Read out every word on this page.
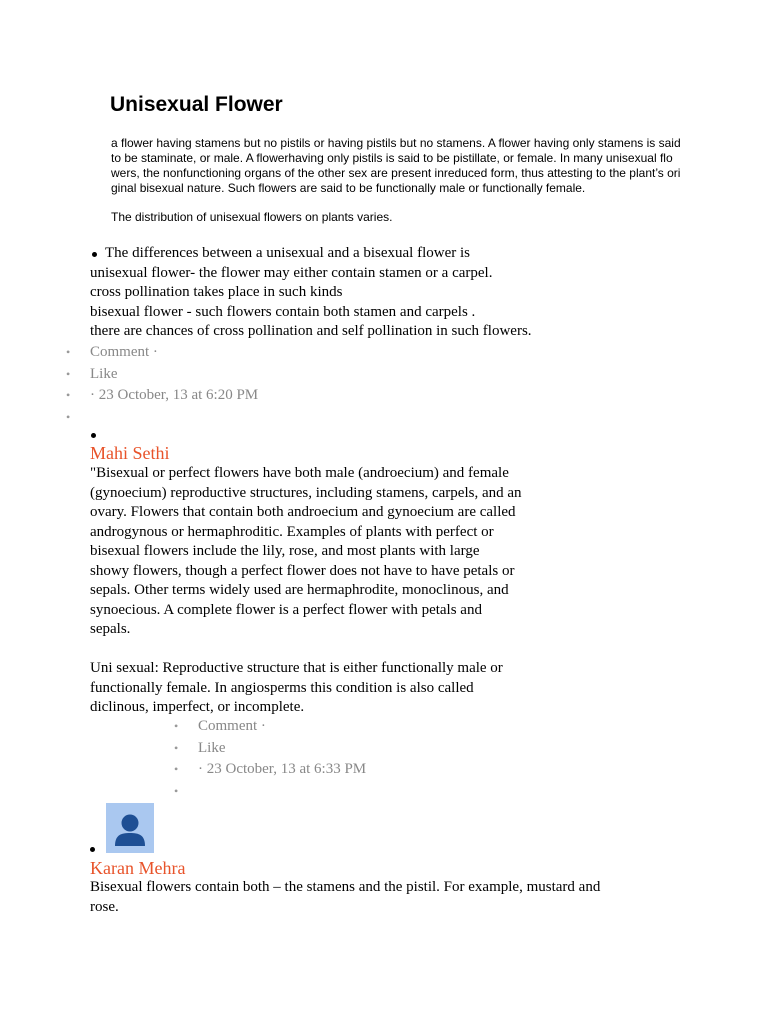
Unisexual Flower

a flower having stamens but no pistils or having pistils but no stamens. A flower having only stamens is said to be staminate, or male. A flowerhaving only pistils is said to be pistillate, or female. In many unisexual flowers, the nonfunctioning organs of the other sex are present inreduced form, thus attesting to the plant’s original bisexual nature. Such flowers are said to be functionally male or functionally female.

The distribution of unisexual flowers on plants varies.

The differences between a unisexual and a bisexual flower is

unisexual flower- the flower may either contain stamen or a carpel.

cross pollination takes place in such kinds

bisexual flower - such flowers contain both stamen and carpels .

there are chances of cross pollination and self pollination in such flowers.

• Comment ·
• Like
• · 23 October, 13 at 6:20 PM
•
Mahi Sethi

"Bisexual or perfect flowers have both male (androecium) and female

(gynoecium) reproductive structures, including stamens, carpels, and an

ovary. Flowers that contain both androecium and gynoecium are called

androgynous or hermaphroditic. Examples of plants with perfect or

bisexual flowers include the lily, rose, and most plants with large

showy flowers, though a perfect flower does not have to have petals or

sepals. Other terms widely used are hermaphrodite, monoclinous, and

synoecious. A complete flower is a perfect flower with petals and

sepals.

Uni sexual: Reproductive structure that is either functionally male or

functionally female. In angiosperms this condition is also called

diclinous, imperfect, or incomplete.

• Comment ·
• Like
• · 23 October, 13 at 6:33 PM
•
Karan Mehra

Bisexual flowers contain both – the stamens and the pistil. For example, mustard and

rose.
